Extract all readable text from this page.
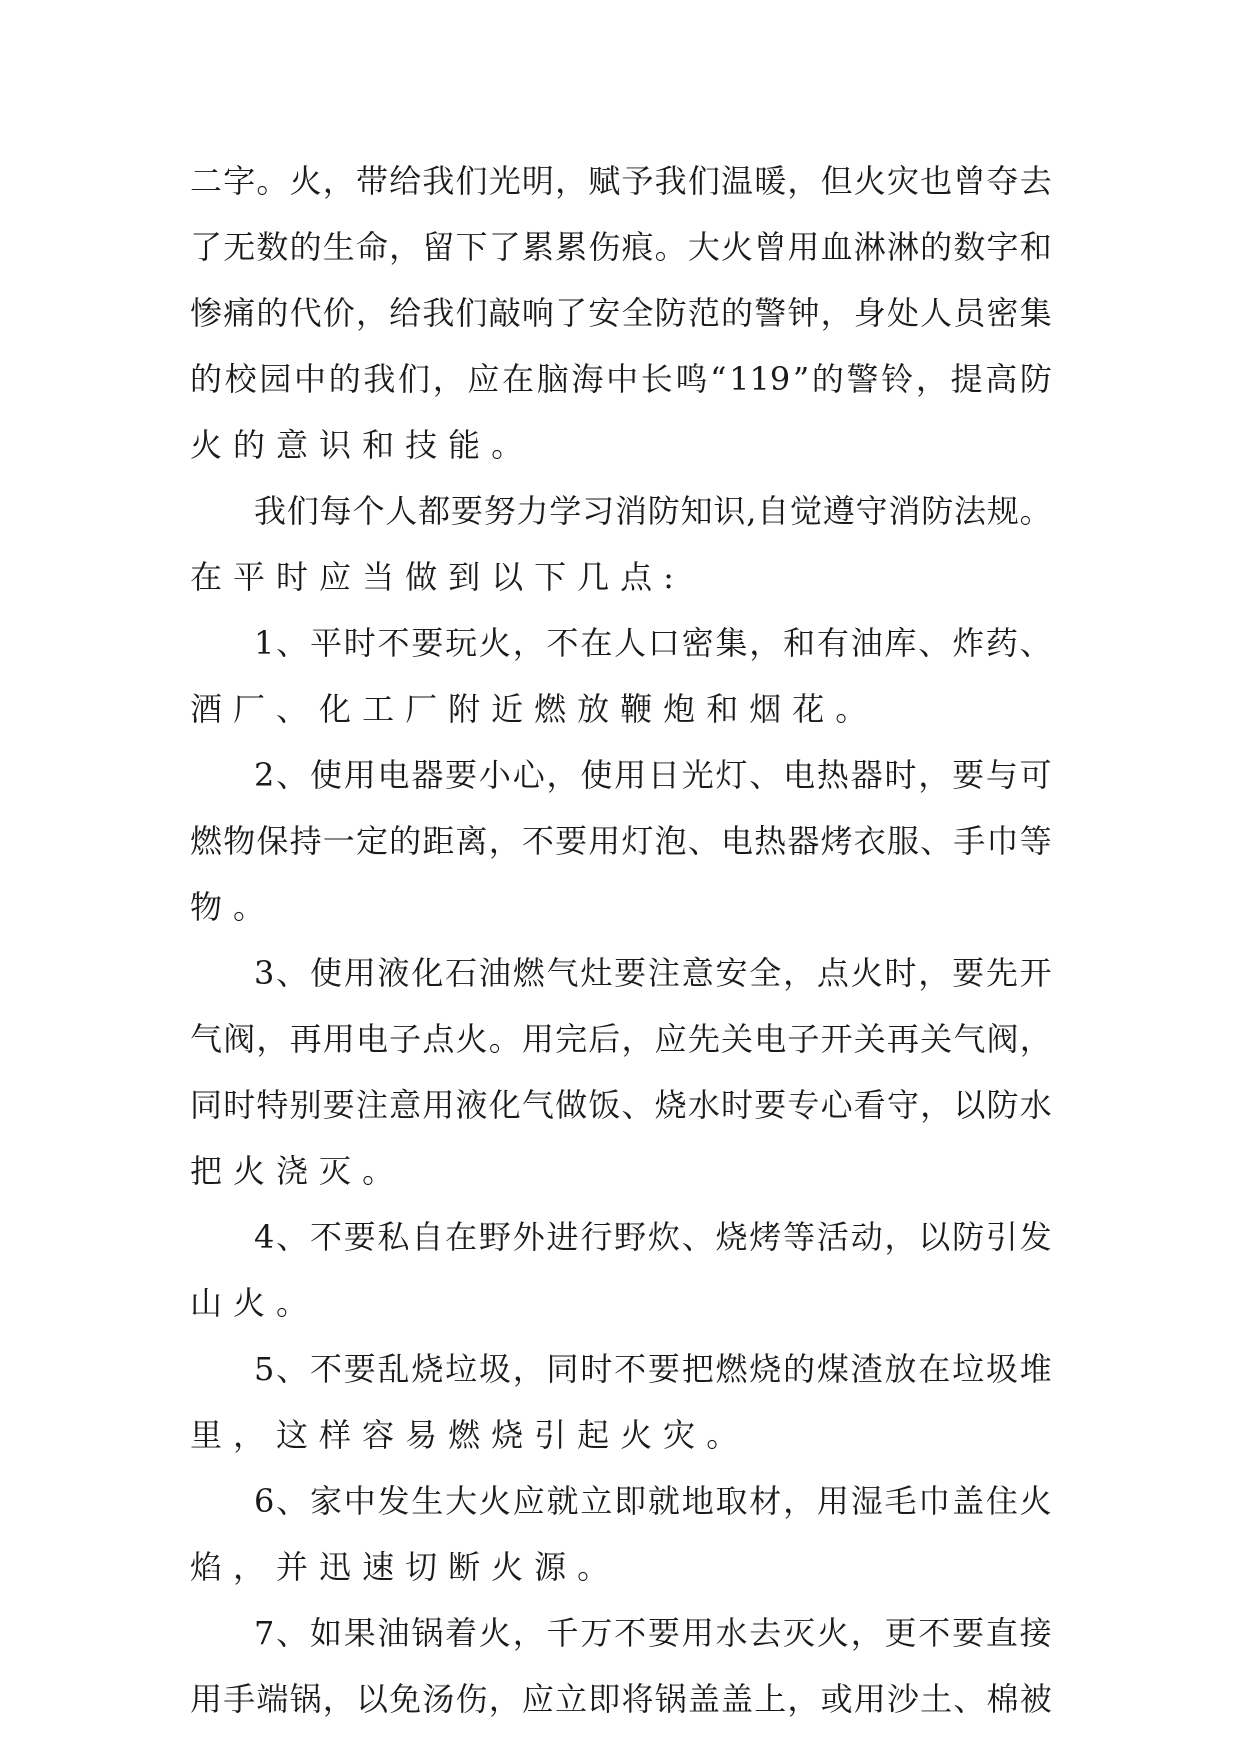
二 字 。 火 ， 带 给 我 们 光 明 ， 赋 予 我 们 温 暖 ， 但 火 灾 也 曾 夺 去
了 无 数 的 生 命 ， 留 下 了 累 累 伤 痕 。 大 火 曾 用 血 淋 淋 的 数 字 和
惨 痛 的 代 价 ， 给 我 们 敲 响 了 安 全 防 范 的 警 钟 ， 身 处 人 员 密 集
的 校 园 中 的 我 们 ， 应 在 脑 海 中 长 鸣 “ 119 ” 的 警 铃 ， 提 高 防
火 的 意 识 和 技 能 。
我 们 每 个 人 都 要 努 力 学 习 消 防 知 识 , 自 觉 遵 守 消 防 法 规 。
在 平 时 应 当 做 到 以 下 几 点 :
1 、 平 时 不 要 玩 火 ， 不 在 人 口 密 集 ， 和 有 油 库 、 炸 药 、
酒 厂 、 化 工 厂 附 近 燃 放 鞭 炮 和 烟 花 。
2 、 使 用 电 器 要 小 心 ， 使 用 日 光 灯 、 电 热 器 时 ， 要 与 可
燃 物 保 持 一 定 的 距 离 ， 不 要 用 灯 泡 、 电 热 器 烤 衣 服 、 手 巾 等
物 。
3 、 使 用 液 化 石 油 燃 气 灶 要 注 意 安 全 ， 点 火 时 ， 要 先 开
气 阀 ， 再 用 电 子 点 火 。 用 完 后 ， 应 先 关 电 子 开 关 再 关 气 阀 ，
同 时 特 别 要 注 意 用 液 化 气 做 饭 、 烧 水 时 要 专 心 看 守 ， 以 防 水
把 火 浇 灭 。
4 、 不 要 私 自 在 野 外 进 行 野 炊 、 烧 烤 等 活 动 ， 以 防 引 发
山 火 。
5 、 不 要 乱 烧 垃 圾 ， 同 时 不 要 把 燃 烧 的 煤 渣 放 在 垃 圾 堆
里 ， 这 样 容 易 燃 烧 引 起 火 灾 。
6 、 家 中 发 生 大 火 应 就 立 即 就 地 取 材 ， 用 湿 毛 巾 盖 住 火
焰 ， 并 迅 速 切 断 火 源 。
7 、 如 果 油 锅 着 火 ， 千 万 不 要 用 水 去 灭 火 ， 更 不 要 直 接
用 手 端 锅 ， 以 免 汤 伤 ， 应 立 即 将 锅 盖 盖 上 ， 或 用 沙 土 、 棉 被
